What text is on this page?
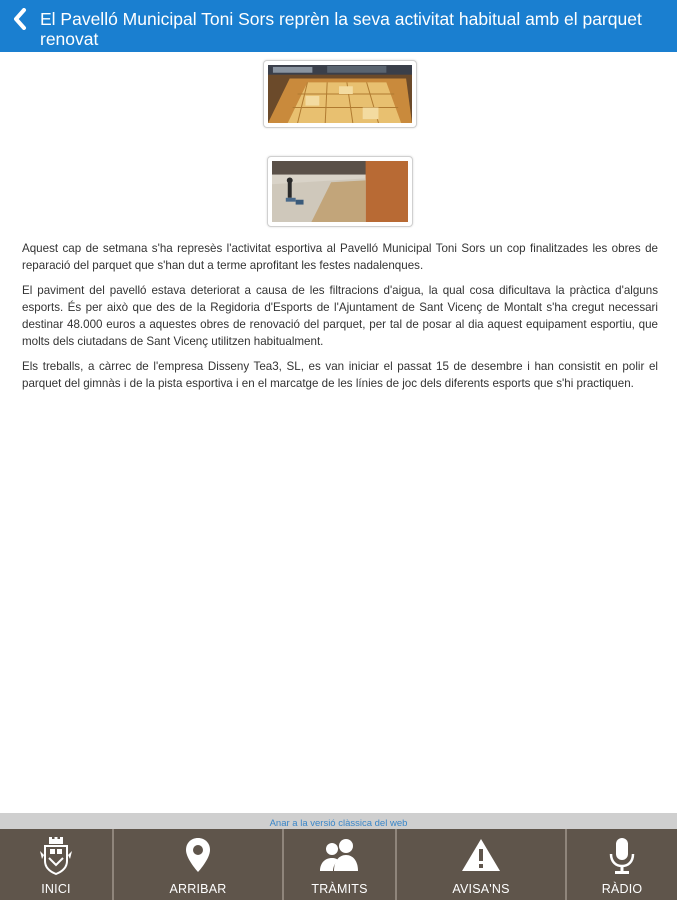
El Pavelló Municipal Toni Sors reprèn la seva activitat habitual amb el parquet renovat

Aquest cap de setmana s'ha represès l'activitat esportiva al Pavelló Municipal Toni Sors un cop finalitzades les obres de reparació del parquet que s'han dut a terme aprofitant les festes nadalenques.

El paviment del pavelló estava deteriorat a causa de les filtracions d'aigua, la qual cosa dificultava la pràctica d'alguns esports. És per això que des de la Regidoria d'Esports de l'Ajuntament de Sant Vicenç de Montalt s'ha cregut necessari destinar 48.000 euros a aquestes obres de renovació del parquet, per tal de posar al dia aquest equipament esportiu, que molts dels ciutadans de Sant Vicenç utilitzen habitualment.

Els treballs, a càrrec de l'empresa Disseny Tea3, SL, es van iniciar el passat 15 de desembre i han consistit en polir el parquet del gimnàs i de la pista esportiva i en el marcatge de les línies de joc dels diferents esports que s'hi practiquen.

Anar a la versió clàssica del web
INICI	ARRIBAR	TRÀMITS	AVISA'NS	RÀDIO
